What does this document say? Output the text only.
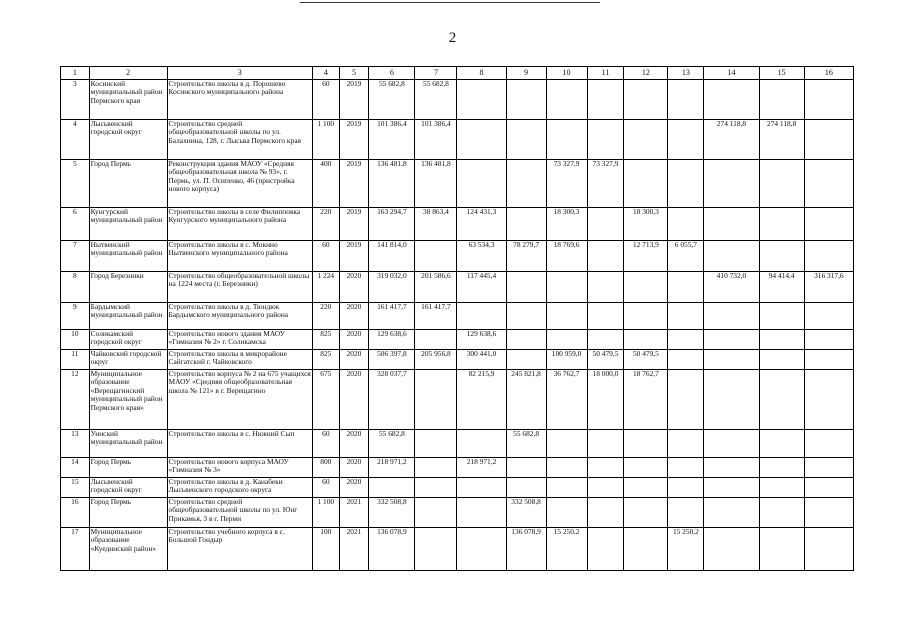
2
1	2	3	4	5	6	7	8	9	10	11	12	13	14	15	16
3	Косинский муниципальный район Пермского края	Строительство школы в д. Порошево Косинского муниципального района	60	2019	55 682,8	55 682,8									
4	Лысьвенский городской округ	Строительство средней общеобразовательной школы по ул. Балахнина, 128, г. Лысьва Пермского края	1 100	2019	101 386,4	101 386,4							274 118,8	274 118,8	
5	Город Пермь	Реконструкция здания МАОУ «Средняя общеобразовательная школа № 93», г. Пермь, ул. П. Осипенко, 46 (пристройка нового корпуса)	400	2019	136 481,8	136 481,8			73 327,9	73 327,9					
6	Кунгурский муниципальный район	Строительство школы в селе Филипповка Кунгурского муниципального района	220	2019	163 294,7	38 863,4	124 431,3		18 300,3		18 300,3				
7	Нытвенский муниципальный район	Строительство школы в с. Мокино Нытвенского муниципального района	60	2019	141 814,0		63 534,3	78 279,7	18 769,6		12 713,9	6 055,7			
8	Город Березники	Строительство общеобразовательной школы на 1224 места (г. Березники)	1 224	2020	319 032,0	201 586,6	117 445,4						410 732,0	94 414,4	316 317,6
9	Бардымский муниципальный район	Строительство школы в д. Тюндюк Бардымского муниципального района	220	2020	161 417,7	161 417,7									
10	Соликамский городской округ	Строительство нового здания МАОУ «Гимназия № 2» г. Соликамска	825	2020	129 638,6		129 638,6								
11	Чайковский городской округ	Строительство школы в микрорайоне Сайгатский г. Чайковского	825	2020	506 397,8	205 956,8	300 441,0		100 959,0	50 479,5	50 479,5				
12	Муниципальное образование «Верещагинский муниципальный район Пермского края»	Строительство корпуса № 2 на 675 учащихся МАОУ «Средняя общеобразовательная школа № 121» в г. Верещагино	675	2020	328 037,7		82 215,9	245 821,8	36 762,7	18 000,0	18 762,7				
13	Уинский муниципальный район	Строительство школы в с. Нижний Сып	60	2020	55 682,8			55 682,8							
14	Город Пермь	Строительство нового корпуса МАОУ «Гимназия № 3»	800	2020	218 971,2		218 971,2								
15	Лысьвенский городской округ	Строительство школы в д. Канабеки Лысьвенского городского округа	60	2020											
16	Город Пермь	Строительство средней общеобразовательной школы по ул. Юнг Прикамья, 3 в г. Перми	1 100	2021	332 508,8			332 508,8							
17	Муниципальное образование «Куединский район»	Строительство учебного корпуса в с. Большой Гондыр	100	2021	136 078,9			136 078,9	15 250,2			15 250,2			
